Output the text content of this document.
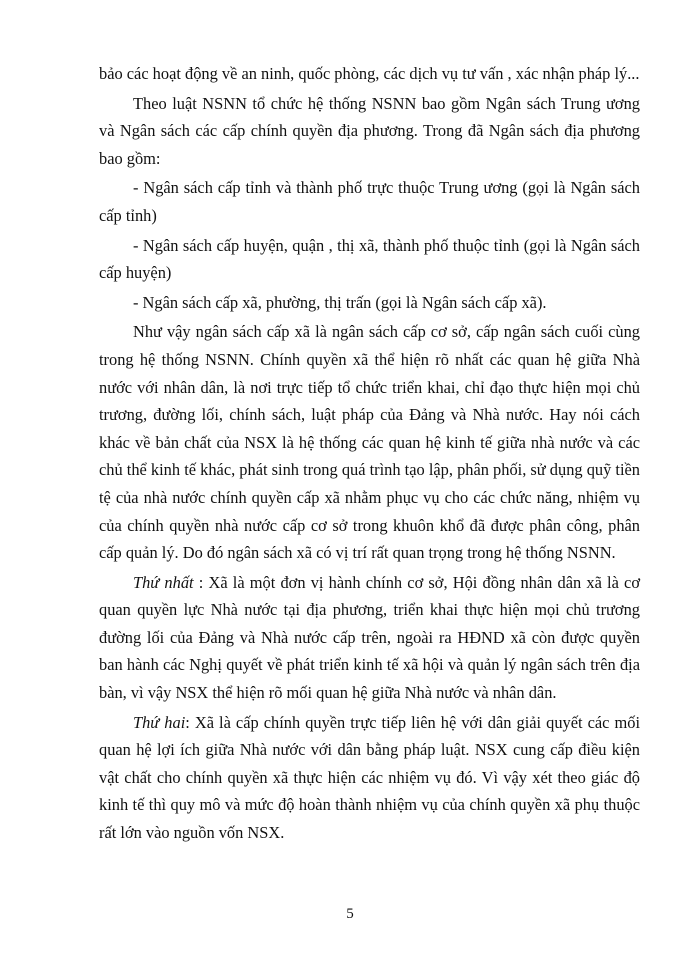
bảo các hoạt động về an ninh, quốc phòng, các dịch vụ tư vấn , xác nhận pháp lý...

Theo luật NSNN tổ chức hệ thống NSNN bao gồm Ngân sách Trung ương và Ngân sách các cấp chính quyền địa phương. Trong đã Ngân sách địa phương bao gồm:

- Ngân sách cấp tỉnh và thành phố trực thuộc Trung ương (gọi là Ngân sách cấp tỉnh)

- Ngân sách cấp huyện, quận , thị xã, thành phố thuộc tỉnh (gọi là Ngân sách cấp huyện)

- Ngân sách cấp xã, phường, thị trấn (gọi là Ngân sách cấp xã).

Như vậy ngân sách cấp xã là ngân sách cấp cơ sở, cấp ngân sách cuối cùng trong hệ thống NSNN. Chính quyền xã thể hiện rõ nhất các quan hệ giữa Nhà nước với nhân dân, là nơi trực tiếp tổ chức triển khai, chỉ đạo thực hiện mọi chủ trương, đường lối, chính sách, luật pháp của Đảng và Nhà nước. Hay nói cách khác về bản chất của NSX là hệ thống các quan hệ kinh tế giữa nhà nước và các chủ thể kinh tế khác, phát sinh trong quá trình tạo lập, phân phối, sử dụng quỹ tiền tệ của nhà nước chính quyền cấp xã nhằm phục vụ cho các chức năng, nhiệm vụ của chính quyền nhà nước cấp cơ sở trong khuôn khổ đã được phân công, phân cấp quản lý. Do đó ngân sách xã có vị trí rất quan trọng trong hệ thống NSNN.

Thứ nhất : Xã là một đơn vị hành chính cơ sở, Hội đồng nhân dân xã là cơ quan quyền lực Nhà nước tại địa phương, triển khai thực hiện mọi chủ trương đường lối của Đảng và Nhà nước cấp trên, ngoài ra HĐND xã còn được quyền ban hành các Nghị quyết về phát triển kinh tế xã hội và quản lý ngân sách trên địa bàn, vì vậy NSX thể hiện rõ mối quan hệ giữa Nhà nước và nhân dân.

Thứ hai: Xã là cấp chính quyền trực tiếp liên hệ với dân giải quyết các mối quan hệ lợi ích giữa Nhà nước với dân bằng pháp luật. NSX cung cấp điều kiện vật chất cho chính quyền xã thực hiện các nhiệm vụ đó. Vì vậy xét theo giác độ kinh tế thì quy mô và mức độ hoàn thành nhiệm vụ của chính quyền xã phụ thuộc rất lớn vào nguồn vốn NSX.

5
